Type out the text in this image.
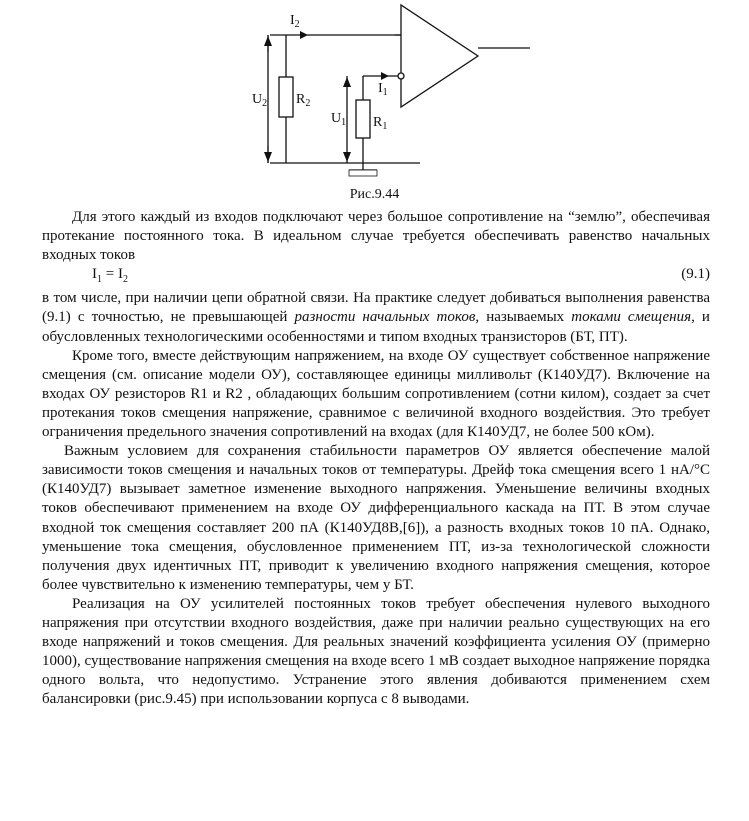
$I_2$
$I_1$
$U_2$ $R_2$
$U_1$ $R_1$
Рис.9.44

Для этого каждый из входов подключают через большое сопротивление на “землю”, обеспечивая протекание постоянного тока. В идеальном случае требуется обеспечивать равенство начальных входных токов

$I_1 = I_2$	(9.1)

в том числе, при наличии цепи обратной связи. На практике следует добиваться выполнения равенства (9.1) с точностью, не превышающей разности начальных токов, называемых токами смещения, и обусловленных технологическими особенностями и типом входных транзисторов (БТ, ПТ).

Кроме того, вместе действующим напряжением, на входе ОУ существует собственное напряжение смещения (см. описание модели ОУ), составляющее единицы милливольт (К140УД7). Включение на входах ОУ резисторов R1 и R2 , обладающих большим сопротивлением (сотни килом), создает за счет протекания токов смещения напряжение, сравнимое с величиной входного воздействия. Это требует ограничения предельного значения сопротивлений на входах (для К140УД7, не более 500 кОм).

Важным условием для сохранения стабильности параметров ОУ является обеспечение малой зависимости токов смещения и начальных токов от температуры. Дрейф тока смещения всего 1 нА/°С (К140УД7) вызывает заметное изменение выходного напряжения. Уменьшение величины входных токов обеспечивают применением на входе ОУ дифференциального каскада на ПТ. В этом случае входной ток смещения составляет 200 пА (К140УД8В,[6]), а разность входных токов 10 пА. Однако, уменьшение тока смещения, обусловленное применением ПТ, из-за технологической сложности получения двух идентичных ПТ, приводит к увеличению входного напряжения смещения, которое более чувствительно к изменению температуры, чем у БТ.

Реализация на ОУ усилителей постоянных токов требует обеспечения нулевого выходного напряжения при отсутствии входного воздействия, даже при наличии реально существующих на его входе напряжений и токов смещения. Для реальных значений коэффициента усиления ОУ (примерно 1000), существование напряжения смещения на входе всего 1 мВ создает выходное напряжение порядка одного вольта, что недопустимо. Устранение этого явления добиваются применением схем балансировки (рис.9.45) при использовании корпуса с 8 выводами.
